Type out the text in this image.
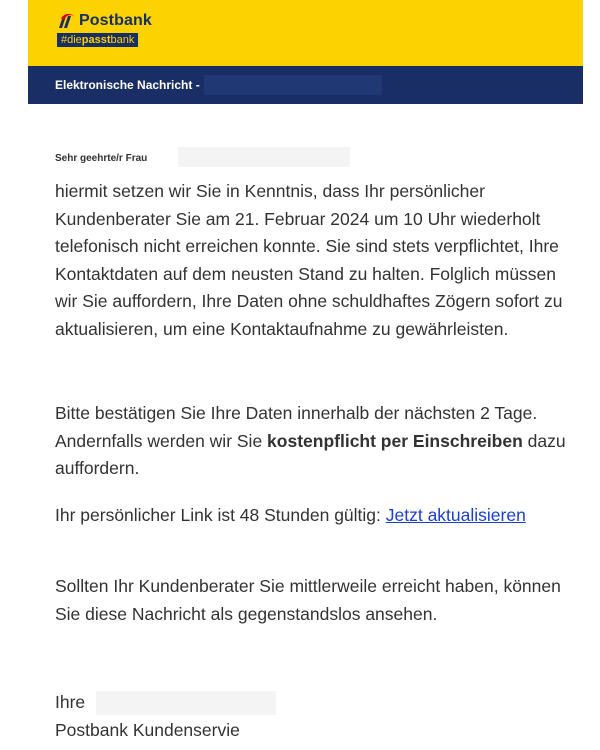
Postbank
#diepasstbank
Elektronische Nachricht -
Sehr geehrte/r Frau

hiermit setzen wir Sie in Kenntnis, dass Ihr persönlicher Kundenberater Sie am 21. Februar 2024 um 10 Uhr wiederholt telefonisch nicht erreichen konnte. Sie sind stets verpflichtet, Ihre Kontaktdaten auf dem neusten Stand zu halten. Folglich müssen wir Sie auffordern, Ihre Daten ohne schuldhaftes Zögern sofort zu aktualisieren, um eine Kontaktaufnahme zu gewährleisten.

Bitte bestätigen Sie Ihre Daten innerhalb der nächsten 2 Tage. Andernfalls werden wir Sie kostenpflicht per Einschreiben dazu auffordern.

Ihr persönlicher Link ist 48 Stunden gültig: Jetzt aktualisieren

Sollten Ihr Kundenberater Sie mittlerweile erreicht haben, können Sie diese Nachricht als gegenstandslos ansehen.

Ihre

Postbank Kundenservie
